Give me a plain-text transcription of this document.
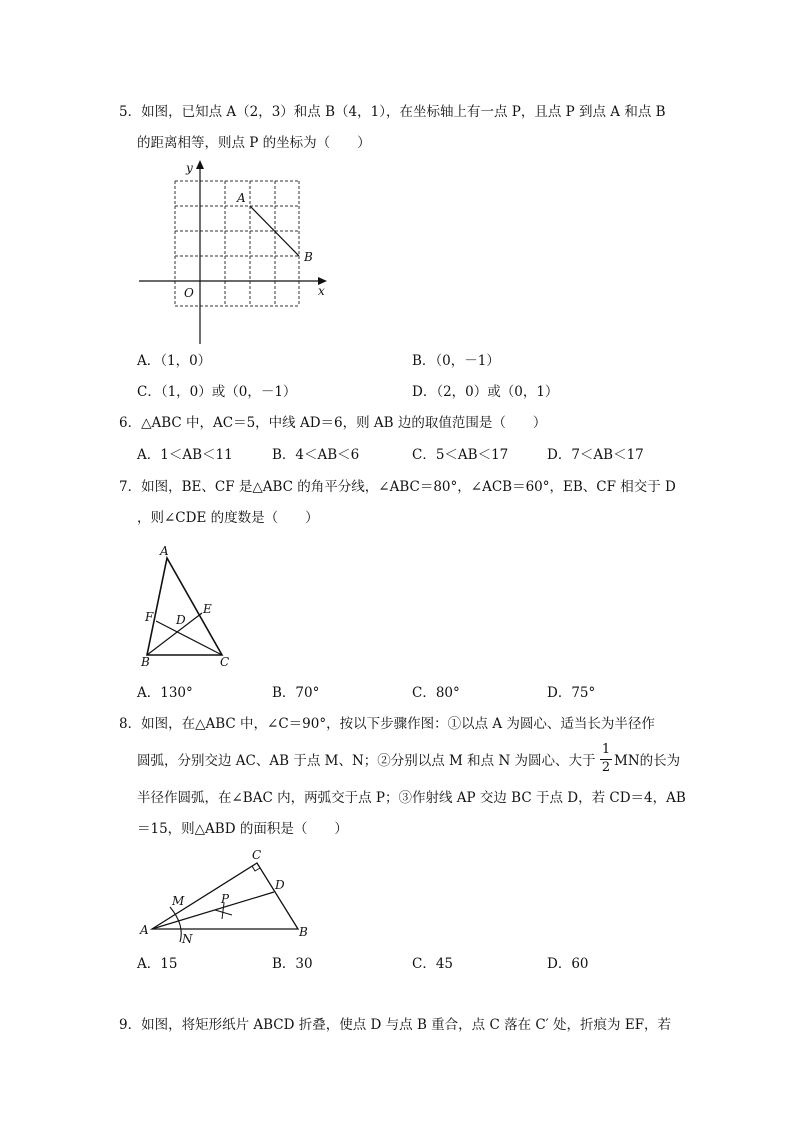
5．如图，已知点 A（2，3）和点 B（4，1），在坐标轴上有一点 P，且点 P 到点 A 和点 B
的距离相等，则点 P 的坐标为（　　）
y
x
O
A
B
A．（1，0）	B．（0，－1）
C．（1，0）或（0，－1）	D．（2，0）或（0，1）
6．△ABC 中，AC＝5，中线 AD＝6，则 AB 边的取值范围是（　　）
A．1＜AB＜11	B．4＜AB＜6	C．5＜AB＜17	D．7＜AB＜17
7．如图，BE、CF 是△ABC 的角平分线，∠ABC＝80°，∠ACB＝60°，EB、CF 相交于 D
，则∠CDE 的度数是（　　）
A
B	C
D
E
F
A．130°	B．70°	C．80°	D．75°
8．如图，在△ABC 中，∠C＝90°，按以下步骤作图：①以点 A 为圆心、适当长为半径作
圆弧，分别交边 AC、AB 于点 M、N；②分别以点 M 和点 N 为圆心、大于
1
2 MN的长为
半径作圆弧，在∠BAC 内，两弧交于点 P；③作射线 AP 交边 BC 于点 D，若 CD＝4，AB
＝15，则△ABD 的面积是（　　）
A	B
C
D
M
N
P
A．15	B．30	C．45	D．60
9．如图，将矩形纸片 ABCD 折叠，使点 D 与点 B 重合，点 C 落在 C′ 处，折痕为 EF，若
